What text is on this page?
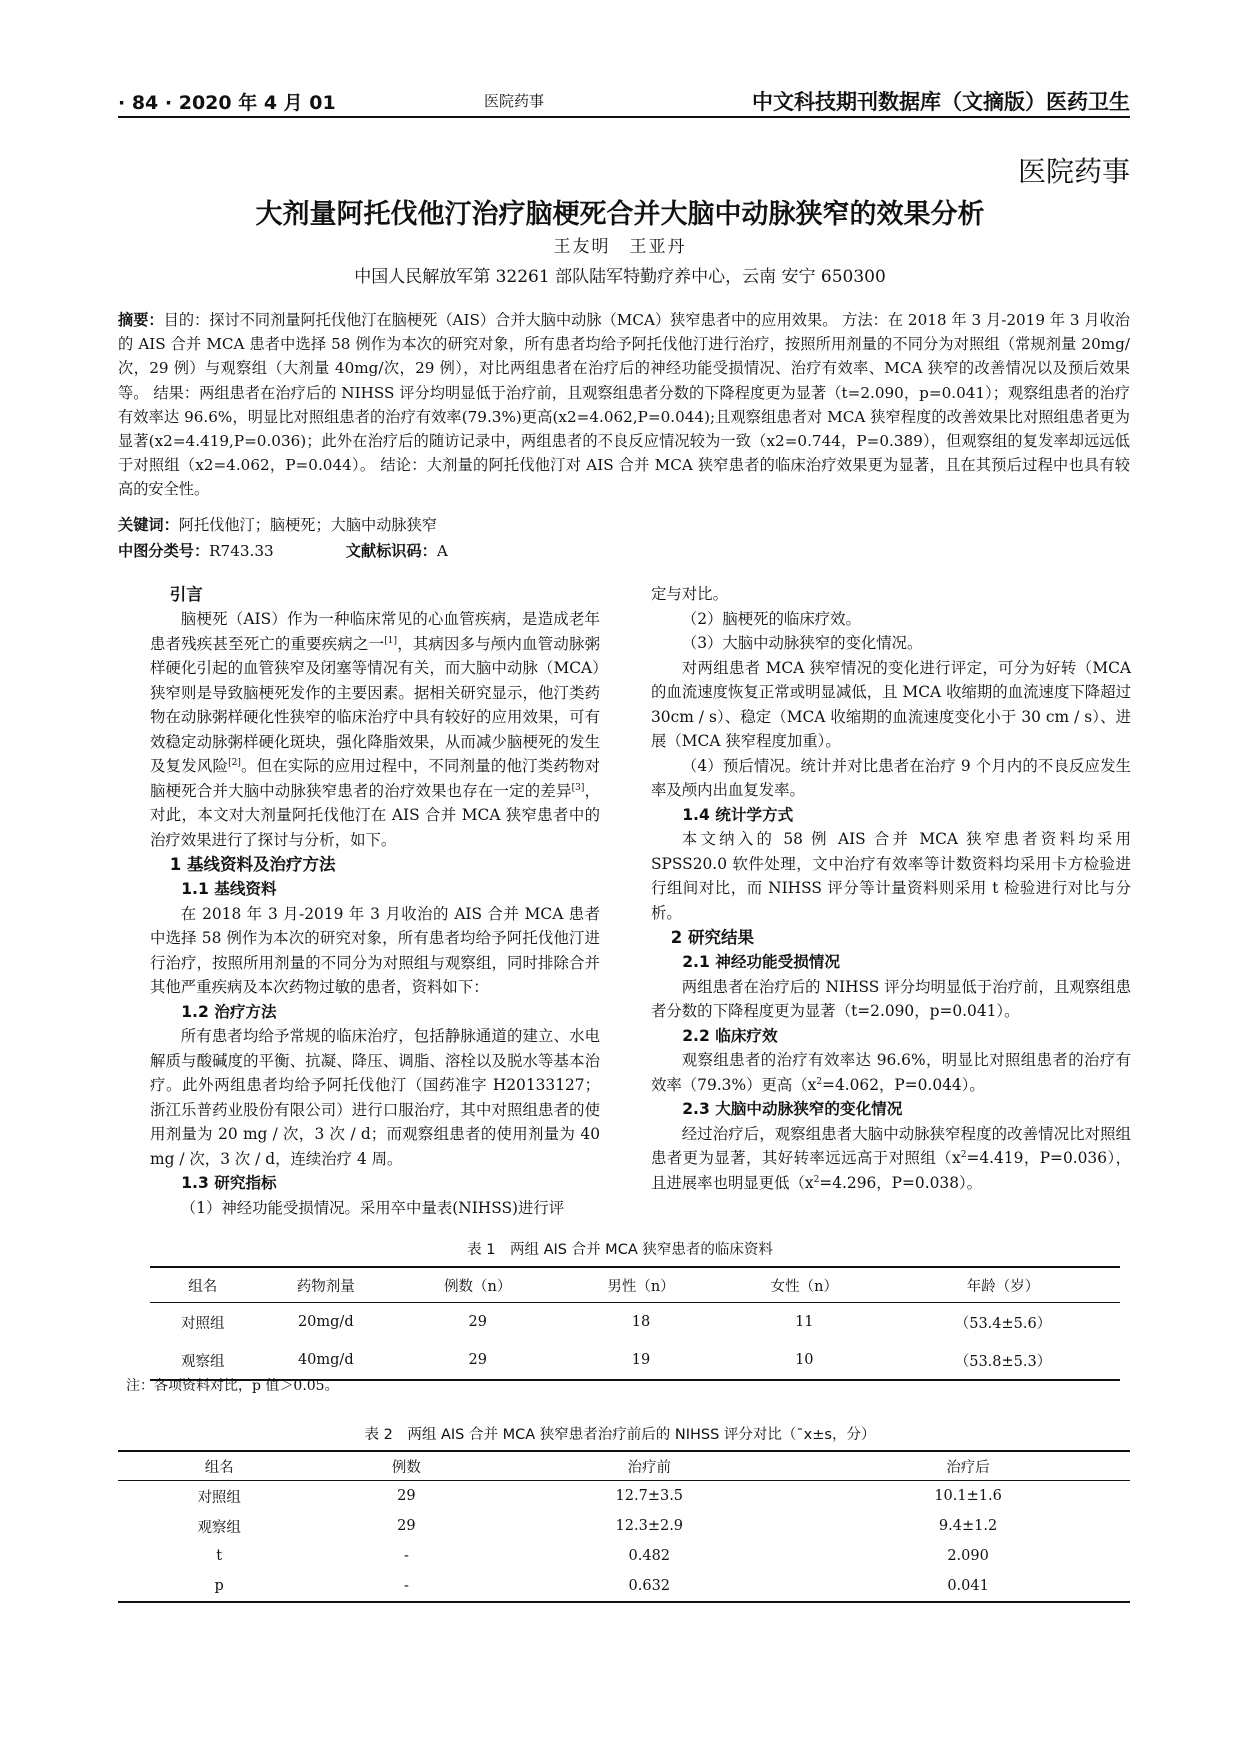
· 84 · 2020 年 4 月 01	医院药事	中文科技期刊数据库（文摘版）医药卫生
医院药事
大剂量阿托伐他汀治疗脑梗死合并大脑中动脉狭窄的效果分析
王友明　王亚丹
中国人民解放军第 32261 部队陆军特勤疗养中心，云南 安宁 650300
摘要：目的：探讨不同剂量阿托伐他汀在脑梗死（AIS）合并大脑中动脉（MCA）狭窄患者中的应用效果。 方法：在 2018 年 3 月-2019 年 3 月收治的 AIS 合并 MCA 患者中选择 58 例作为本次的研究对象，所有患者均给予阿托伐他汀进行治疗，按照所用剂量的不同分为对照组（常规剂量 20mg/次，29 例）与观察组（大剂量 40mg/次，29 例），对比两组患者在治疗后的神经功能受损情况、治疗有效率、MCA 狭窄的改善情况以及预后效果等。 结果：两组患者在治疗后的 NIHSS 评分均明显低于治疗前，且观察组患者分数的下降程度更为显著（t=2.090，p=0.041）；观察组患者的治疗有效率达 96.6%，明显比对照组患者的治疗有效率(79.3%)更高(x2=4.062,P=0.044);且观察组患者对 MCA 狭窄程度的改善效果比对照组患者更为显著(x2=4.419,P=0.036)；此外在治疗后的随访记录中，两组患者的不良反应情况较为一致（x2=0.744，P=0.389），但观察组的复发率却远远低于对照组（x2=4.062，P=0.044）。 结论：大剂量的阿托伐他汀对 AIS 合并 MCA 狭窄患者的临床治疗效果更为显著，且在其预后过程中也具有较高的安全性。
关键词：阿托伐他汀；脑梗死；大脑中动脉狭窄
中图分类号：R743.33	文献标识码：A
引言

脑梗死（AIS）作为一种临床常见的心血管疾病，是造成老年患者残疾甚至死亡的重要疾病之一[1]，其病因多与颅内血管动脉粥样硬化引起的血管狭窄及闭塞等情况有关，而大脑中动脉（MCA）狭窄则是导致脑梗死发作的主要因素。据相关研究显示，他汀类药物在动脉粥样硬化性狭窄的临床治疗中具有较好的应用效果，可有效稳定动脉粥样硬化斑块，强化降脂效果，从而减少脑梗死的发生及复发风险[2]。但在实际的应用过程中，不同剂量的他汀类药物对脑梗死合并大脑中动脉狭窄患者的治疗效果也存在一定的差异[3]，对此，本文对大剂量阿托伐他汀在 AIS 合并 MCA 狭窄患者中的治疗效果进行了探讨与分析，如下。

1 基线资料及治疗方法
1.1 基线资料

在 2018 年 3 月-2019 年 3 月收治的 AIS 合并 MCA 患者中选择 58 例作为本次的研究对象，所有患者均给予阿托伐他汀进行治疗，按照所用剂量的不同分为对照组与观察组，同时排除合并其他严重疾病及本次药物过敏的患者，资料如下：

1.2 治疗方法

所有患者均给予常规的临床治疗，包括静脉通道的建立、水电解质与酸碱度的平衡、抗凝、降压、调脂、溶栓以及脱水等基本治疗。此外两组患者均给予阿托伐他汀（国药准字 H20133127；浙江乐普药业股份有限公司）进行口服治疗，其中对照组患者的使用剂量为 20 mg / 次，3 次 / d；而观察组患者的使用剂量为 40 mg / 次，3 次 / d，连续治疗 4 周。

1.3 研究指标

（1）神经功能受损情况。采用卒中量表(NIHSS)进行评

定与对比。

（2）脑梗死的临床疗效。

（3）大脑中动脉狭窄的变化情况。

对两组患者 MCA 狭窄情况的变化进行评定，可分为好转（MCA 的血流速度恢复正常或明显减低，且 MCA 收缩期的血流速度下降超过 30cm / s）、稳定（MCA 收缩期的血流速度变化小于 30 cm / s）、进展（MCA 狭窄程度加重）。

（4）预后情况。统计并对比患者在治疗 9 个月内的不良反应发生率及颅内出血复发率。

1.4 统计学方式

本文纳入的 58 例 AIS 合并 MCA 狭窄患者资料均采用 SPSS20.0 软件处理，文中治疗有效率等计数资料均采用卡方检验进行组间对比，而 NIHSS 评分等计量资料则采用 t 检验进行对比与分析。

2 研究结果
2.1 神经功能受损情况

两组患者在治疗后的 NIHSS 评分均明显低于治疗前，且观察组患者分数的下降程度更为显著（t=2.090，p=0.041）。

2.2 临床疗效

观察组患者的治疗有效率达 96.6%，明显比对照组患者的治疗有效率（79.3%）更高（$x^2=4.062$，P=0.044）。

2.3 大脑中动脉狭窄的变化情况

经过治疗后，观察组患者大脑中动脉狭窄程度的改善情况比对照组患者更为显著，其好转率远远高于对照组（$x^2=4.419$，P=0.036），且进展率也明显更低（$x^2=4.296$，P=0.038）。

表 1　两组 AIS 合并 MCA 狭窄患者的临床资料
组名	药物剂量	例数（n）	男性（n）	女性（n）	年龄（岁）
对照组	20mg/d	29	18	11	（53.4±5.6）
观察组	40mg/d	29	19	10	（53.8±5.3）
注：各项资料对比，p 值＞0.05。
表 2　两组 AIS 合并 MCA 狭窄患者治疗前后的 NIHSS 评分对比（¯x±s，分）
组名	例数	治疗前	治疗后
对照组	29	12.7±3.5	10.1±1.6
观察组	29	12.3±2.9	9.4±1.2
t	-	0.482	2.090
p	-	0.632	0.041
